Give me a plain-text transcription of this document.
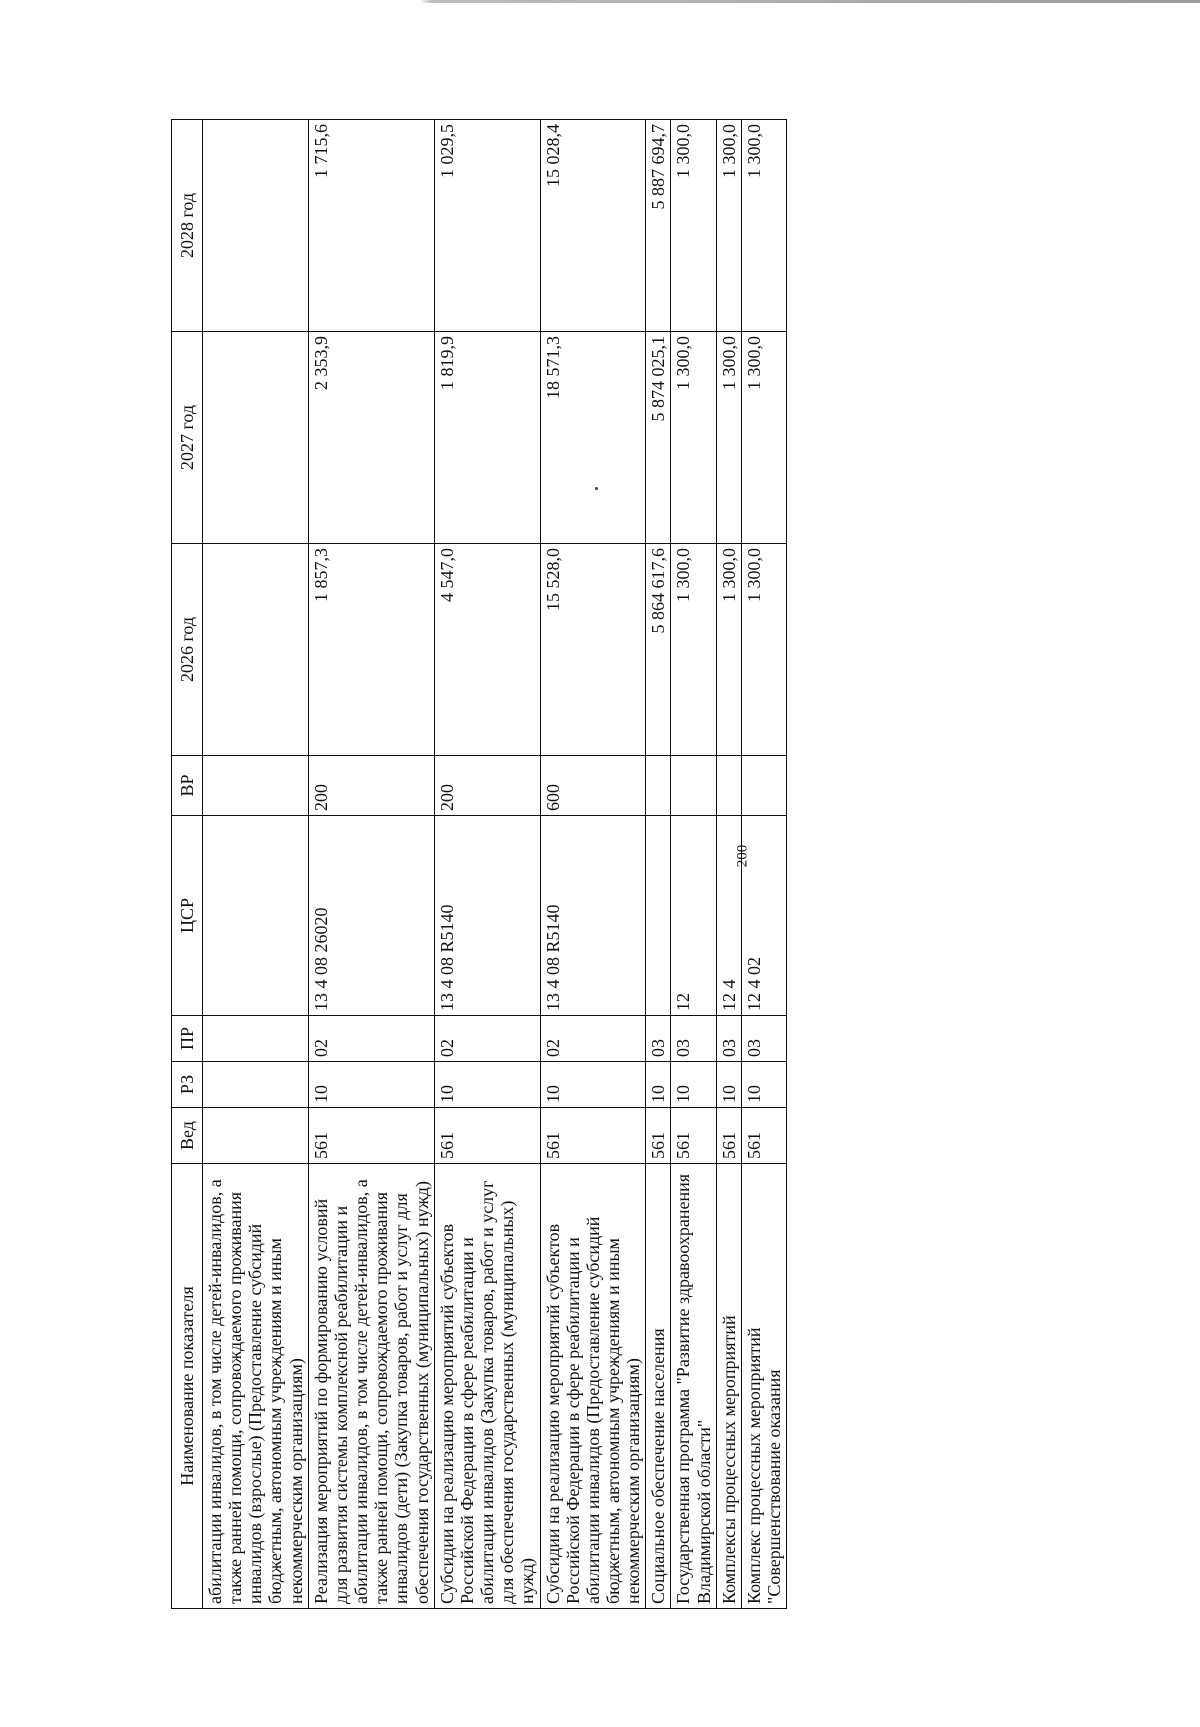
200
Наименование показателя	Вед	РЗ	ПР	ЦСР	ВР	2026 год	2027 год	2028 год
абилитации инвалидов, в том числе детей-инвалидов, а также ранней помощи, сопровождаемого проживания инвалидов (взрослые) (Предоставление субсидий бюджетным, автономным учреждениям и иным некоммерческим организациям)								
Реализация мероприятий по формированию условий для развития системы комплексной реабилитации и абилитации инвалидов, в том числе детей-инвалидов, а также ранней помощи, сопровождаемого проживания инвалидов (дети) (Закупка товаров, работ и услуг для обеспечения государственных (муниципальных) нужд)	561	10	02	13 4 08 26020	200	1 857,3	2 353,9	1 715,6
Субсидии на реализацию мероприятий субъектов Российской Федерации в сфере реабилитации и абилитации инвалидов (Закупка товаров, работ и услуг для обеспечения государственных (муниципальных) нужд)	561	10	02	13 4 08 R5140	200	4 547,0	1 819,9	1 029,5
Субсидии на реализацию мероприятий субъектов Российской Федерации в сфере реабилитации и абилитации инвалидов (Предоставление субсидий бюджетным, автономным учреждениям и иным некоммерческим организациям)	561	10	02	13 4 08 R5140	600	15 528,0	18 571,3	15 028,4
Социальное обеспечение населения	561	10	03			5 864 617,6	5 874 025,1	5 887 694,7
Государственная программа "Развитие здравоохранения Владимирской области"	561	10	03	12		1 300,0	1 300,0	1 300,0
Комплексы процессных мероприятий	561	10	03	12 4		1 300,0	1 300,0	1 300,0
Комплекс процессных мероприятий "Совершенствование оказания	561	10	03	12 4 02		1 300,0	1 300,0	1 300,0
